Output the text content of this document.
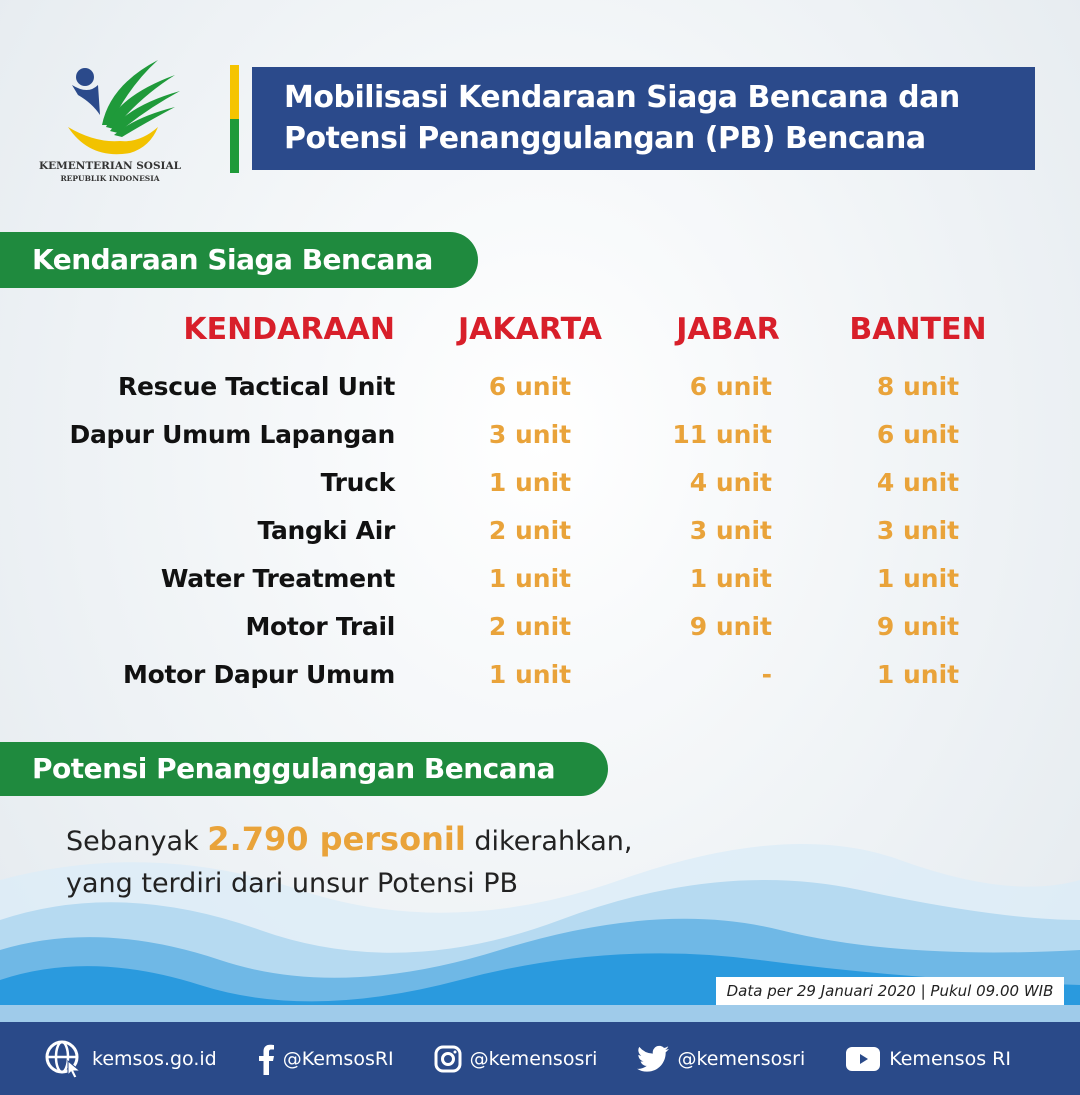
KEMENTERIAN SOSIAL
REPUBLIK INDONESIA
Mobilisasi Kendaraan Siaga Bencana dan
Potensi Penanggulangan (PB) Bencana
Kendaraan Siaga Bencana
KENDARAAN	JAKARTA	JABAR	BANTEN
Rescue Tactical Unit	6 unit	6 unit	8 unit
Dapur Umum Lapangan	3 unit	11 unit	6 unit
Truck	1 unit	4 unit	4 unit
Tangki Air	2 unit	3 unit	3 unit
Water Treatment	1 unit	1 unit	1 unit
Motor Trail	2 unit	9 unit	9 unit
Motor Dapur Umum	1 unit	-	1 unit
Potensi Penanggulangan Bencana
Sebanyak 2.790 personil dikerahkan,
yang terdiri dari unsur Potensi PB
Data per 29 Januari 2020 | Pukul 09.00 WIB
kemsos.go.id	@KemsosRI	@kemensosri	@kemensosri	Kemensos RI
